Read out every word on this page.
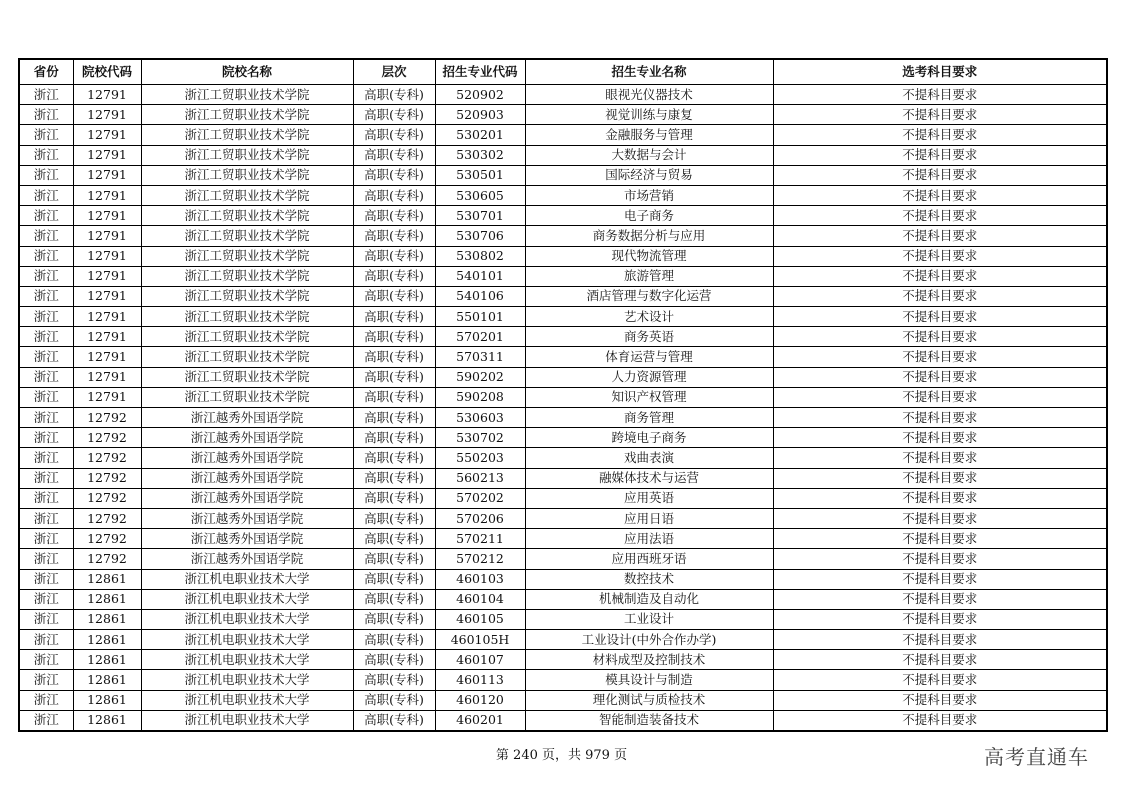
省份	院校代码	院校名称	层次	招生专业代码	招生专业名称	选考科目要求
浙江	12791	浙江工贸职业技术学院	高职(专科)	520902	眼视光仪器技术	不提科目要求
浙江	12791	浙江工贸职业技术学院	高职(专科)	520903	视觉训练与康复	不提科目要求
浙江	12791	浙江工贸职业技术学院	高职(专科)	530201	金融服务与管理	不提科目要求
浙江	12791	浙江工贸职业技术学院	高职(专科)	530302	大数据与会计	不提科目要求
浙江	12791	浙江工贸职业技术学院	高职(专科)	530501	国际经济与贸易	不提科目要求
浙江	12791	浙江工贸职业技术学院	高职(专科)	530605	市场营销	不提科目要求
浙江	12791	浙江工贸职业技术学院	高职(专科)	530701	电子商务	不提科目要求
浙江	12791	浙江工贸职业技术学院	高职(专科)	530706	商务数据分析与应用	不提科目要求
浙江	12791	浙江工贸职业技术学院	高职(专科)	530802	现代物流管理	不提科目要求
浙江	12791	浙江工贸职业技术学院	高职(专科)	540101	旅游管理	不提科目要求
浙江	12791	浙江工贸职业技术学院	高职(专科)	540106	酒店管理与数字化运营	不提科目要求
浙江	12791	浙江工贸职业技术学院	高职(专科)	550101	艺术设计	不提科目要求
浙江	12791	浙江工贸职业技术学院	高职(专科)	570201	商务英语	不提科目要求
浙江	12791	浙江工贸职业技术学院	高职(专科)	570311	体育运营与管理	不提科目要求
浙江	12791	浙江工贸职业技术学院	高职(专科)	590202	人力资源管理	不提科目要求
浙江	12791	浙江工贸职业技术学院	高职(专科)	590208	知识产权管理	不提科目要求
浙江	12792	浙江越秀外国语学院	高职(专科)	530603	商务管理	不提科目要求
浙江	12792	浙江越秀外国语学院	高职(专科)	530702	跨境电子商务	不提科目要求
浙江	12792	浙江越秀外国语学院	高职(专科)	550203	戏曲表演	不提科目要求
浙江	12792	浙江越秀外国语学院	高职(专科)	560213	融媒体技术与运营	不提科目要求
浙江	12792	浙江越秀外国语学院	高职(专科)	570202	应用英语	不提科目要求
浙江	12792	浙江越秀外国语学院	高职(专科)	570206	应用日语	不提科目要求
浙江	12792	浙江越秀外国语学院	高职(专科)	570211	应用法语	不提科目要求
浙江	12792	浙江越秀外国语学院	高职(专科)	570212	应用西班牙语	不提科目要求
浙江	12861	浙江机电职业技术大学	高职(专科)	460103	数控技术	不提科目要求
浙江	12861	浙江机电职业技术大学	高职(专科)	460104	机械制造及自动化	不提科目要求
浙江	12861	浙江机电职业技术大学	高职(专科)	460105	工业设计	不提科目要求
浙江	12861	浙江机电职业技术大学	高职(专科)	460105H	工业设计(中外合作办学)	不提科目要求
浙江	12861	浙江机电职业技术大学	高职(专科)	460107	材料成型及控制技术	不提科目要求
浙江	12861	浙江机电职业技术大学	高职(专科)	460113	模具设计与制造	不提科目要求
浙江	12861	浙江机电职业技术大学	高职(专科)	460120	理化测试与质检技术	不提科目要求
浙江	12861	浙江机电职业技术大学	高职(专科)	460201	智能制造装备技术	不提科目要求
第 240 页，共 979 页	高考直通车
